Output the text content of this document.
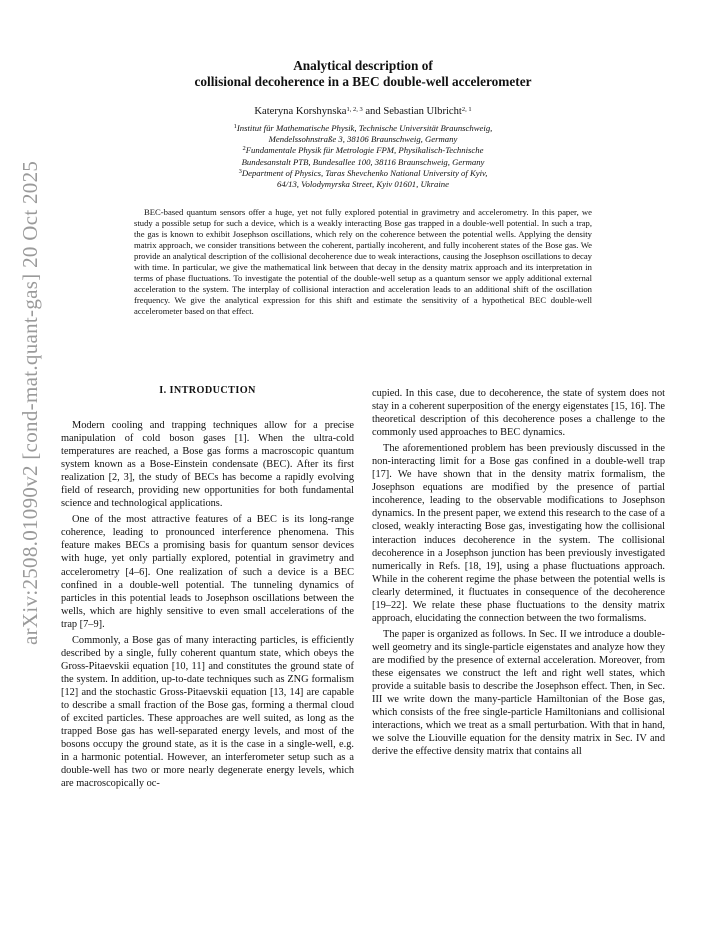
arXiv:2508.01090v2 [cond-mat.quant-gas] 20 Oct 2025
Analytical description of
collisional decoherence in a BEC double-well accelerometer
Kateryna Korshynska$^{1, 2, 3}$ and Sebastian Ulbricht$^{2, 1}$
$^1$Institut für Mathematische Physik, Technische Universität Braunschweig,
Mendelssohnstraße 3, 38106 Braunschweig, Germany
$^2$Fundamentale Physik für Metrologie FPM, Physikalisch-Technische
Bundesanstalt PTB, Bundesallee 100, 38116 Braunschweig, Germany
$^3$Department of Physics, Taras Shevchenko National University of Kyiv,
64/13, Volodymyrska Street, Kyiv 01601, Ukraine
BEC-based quantum sensors offer a huge, yet not fully explored potential in gravimetry and accelerometry. In this paper, we study a possible setup for such a device, which is a weakly interacting Bose gas trapped in a double-well potential. In such a trap, the gas is known to exhibit Josephson oscillations, which rely on the coherence between the potential wells. Applying the density matrix approach, we consider transitions between the coherent, partially incoherent, and fully incoherent states of the Bose gas. We provide an analytical description of the collisional decoherence due to weak interactions, causing the Josephson oscillations to decay with time. In particular, we give the mathematical link between that decay in the density matrix approach and its interpretation in terms of phase fluctuations. To investigate the potential of the double-well setup as a quantum sensor we apply additional external acceleration to the system. The interplay of collisional interaction and acceleration leads to an additional shift of the oscillation frequency. We give the analytical expression for this shift and estimate the sensitivity of a hypothetical BEC double-well accelerometer based on that effect.
I. INTRODUCTION

Modern cooling and trapping techniques allow for a precise manipulation of cold boson gases [1]. When the ultra-cold temperatures are reached, a Bose gas forms a macroscopic quantum system known as a Bose-Einstein condensate (BEC). After its first realization [2, 3], the study of BECs has become a rapidly evolving field of research, providing new opportunities for both fundamental science and technological applications.

One of the most attractive features of a BEC is its long-range coherence, leading to pronounced interference phenomena. This feature makes BECs a promising basis for quantum sensor devices with huge, yet only partially explored, potential in gravimetry and accelerometry [4–6]. One realization of such a device is a BEC confined in a double-well potential. The tunneling dynamics of particles in this potential leads to Josephson oscillations between the wells, which are highly sensitive to even small accelerations of the trap [7–9].

Commonly, a Bose gas of many interacting particles, is efficiently described by a single, fully coherent quantum state, which obeys the Gross-Pitaevskii equation [10, 11] and constitutes the ground state of the system. In addition, up-to-date techniques such as ZNG formalism [12] and the stochastic Gross-Pitaevskii equation [13, 14] are capable to describe a small fraction of the Bose gas, forming a thermal cloud of excited particles. These approaches are well suited, as long as the trapped Bose gas has well-separated energy levels, and most of the bosons occupy the ground state, as it is the case in a single-well, e.g. in a harmonic potential. However, an interferometer setup such as a double-well has two or more nearly degenerate energy levels, which are macroscopically oc-

cupied. In this case, due to decoherence, the state of system does not stay in a coherent superposition of the energy eigenstates [15, 16]. The theoretical description of this decoherence poses a challenge to the commonly used approaches to BEC dynamics.

The aforementioned problem has been previously discussed in the non-interacting limit for a Bose gas confined in a double-well trap [17]. We have shown that in the density matrix formalism, the Josephson equations are modified by the presence of partial incoherence, leading to the observable modifications to Josephson dynamics. In the present paper, we extend this research to the case of a closed, weakly interacting Bose gas, investigating how the collisional interaction induces decoherence in the system. The collisional decoherence in a Josephson junction has been previously investigated numerically in Refs. [18, 19], using a phase fluctuations approach. While in the coherent regime the phase between the potential wells is clearly determined, it fluctuates in consequence of the decoherence [19–22]. We relate these phase fluctuations to the density matrix approach, elucidating the connection between the two formalisms.

The paper is organized as follows. In Sec. II we introduce a double-well geometry and its single-particle eigenstates and analyze how they are modified by the presence of external acceleration. Moreover, from these eigensates we construct the left and right well states, which provide a suitable basis to describe the Josephson effect. Then, in Sec. III we write down the many-particle Hamiltonian of the Bose gas, which consists of the free single-particle Hamiltonians and collisional interactions, which we treat as a small perturbation. With that in hand, we solve the Liouville equation for the density matrix in Sec. IV and derive the effective density matrix that contains all
